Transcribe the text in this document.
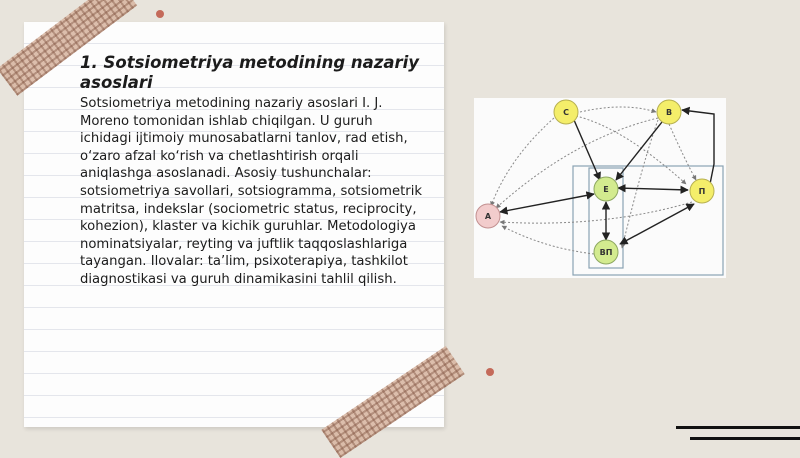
1. Sotsiometriya metodining nazariy asoslari

Sotsiometriya metodining nazariy asoslari I. J. Moreno tomonidan ishlab chiqilgan. U guruh ichidagi ijtimoiy munosabatlarni tanlov, rad etish, o‘zaro afzal ko‘rish va chetlashtirish orqali aniqlashga asoslanadi. Asosiy tushunchalar: sotsiometriya savollari, sotsiogramma, sotsiometrik matritsa, indekslar (sociometric status, reciprocity, kohezion), klaster va kichik guruhlar. Metodologiya nominatsiyalar, reyting va juftlik taqqoslashlariga tayangan. Ilovalar: ta’lim, psixoterapiya, tashkilot diagnostikasi va guruh dinamikasini tahlil qilish.

C	B
E	П
A
ВП
